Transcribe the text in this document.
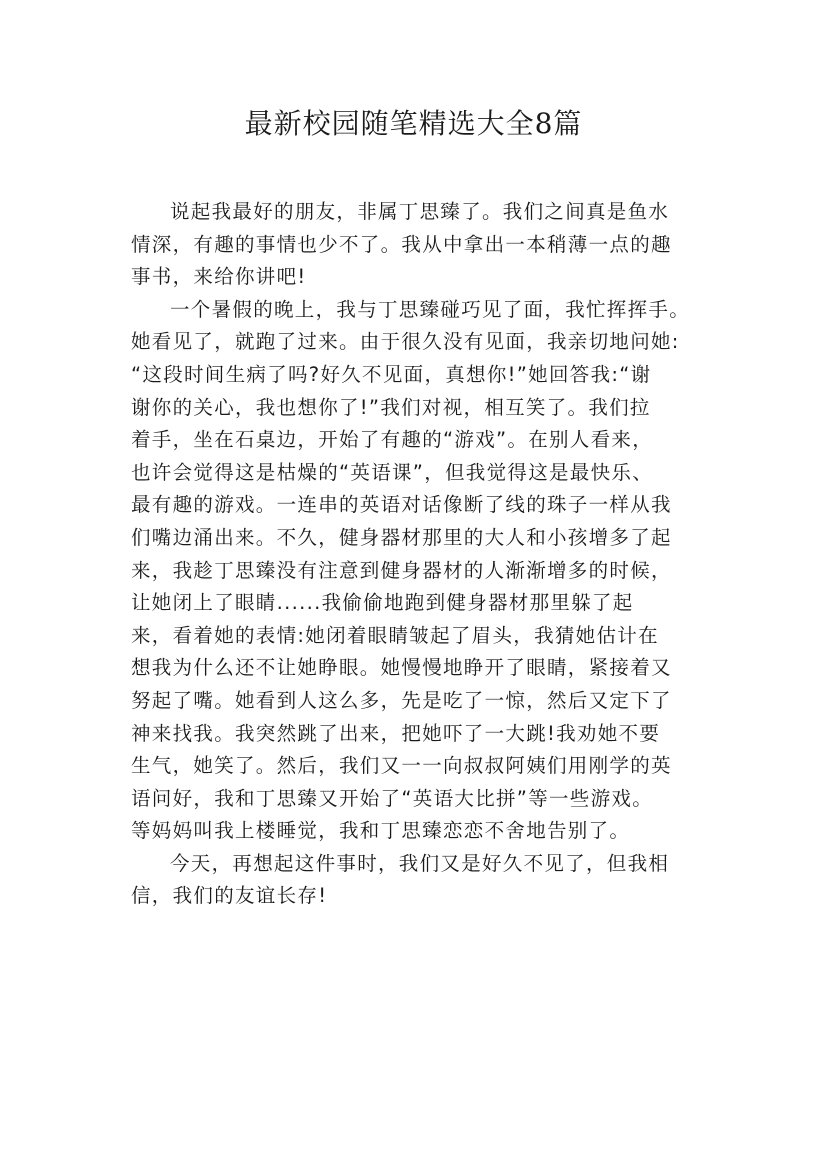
最新校园随笔精选大全8篇
说起我最好的朋友，非属丁思臻了。我们之间真是鱼水
情深，有趣的事情也少不了。我从中拿出一本稍薄一点的趣
事书，来给你讲吧!
一个暑假的晚上，我与丁思臻碰巧见了面，我忙挥挥手。
她看见了，就跑了过来。由于很久没有见面，我亲切地问她:
“这段时间生病了吗?好久不见面，真想你!”她回答我:“谢
谢你的关心，我也想你了!”我们对视，相互笑了。我们拉
着手，坐在石桌边，开始了有趣的“游戏”。在别人看来，
也许会觉得这是枯燥的“英语课”，但我觉得这是最快乐、
最有趣的游戏。一连串的英语对话像断了线的珠子一样从我
们嘴边涌出来。不久，健身器材那里的大人和小孩增多了起
来，我趁丁思臻没有注意到健身器材的人渐渐增多的时候，
让她闭上了眼睛......我偷偷地跑到健身器材那里躲了起
来，看着她的表情:她闭着眼睛皱起了眉头，我猜她估计在
想我为什么还不让她睁眼。她慢慢地睁开了眼睛，紧接着又
努起了嘴。她看到人这么多，先是吃了一惊，然后又定下了
神来找我。我突然跳了出来，把她吓了一大跳!我劝她不要
生气，她笑了。然后，我们又一一向叔叔阿姨们用刚学的英
语问好，我和丁思臻又开始了“英语大比拼”等一些游戏。
等妈妈叫我上楼睡觉，我和丁思臻恋恋不舍地告别了。
今天，再想起这件事时，我们又是好久不见了，但我相
信，我们的友谊长存!
